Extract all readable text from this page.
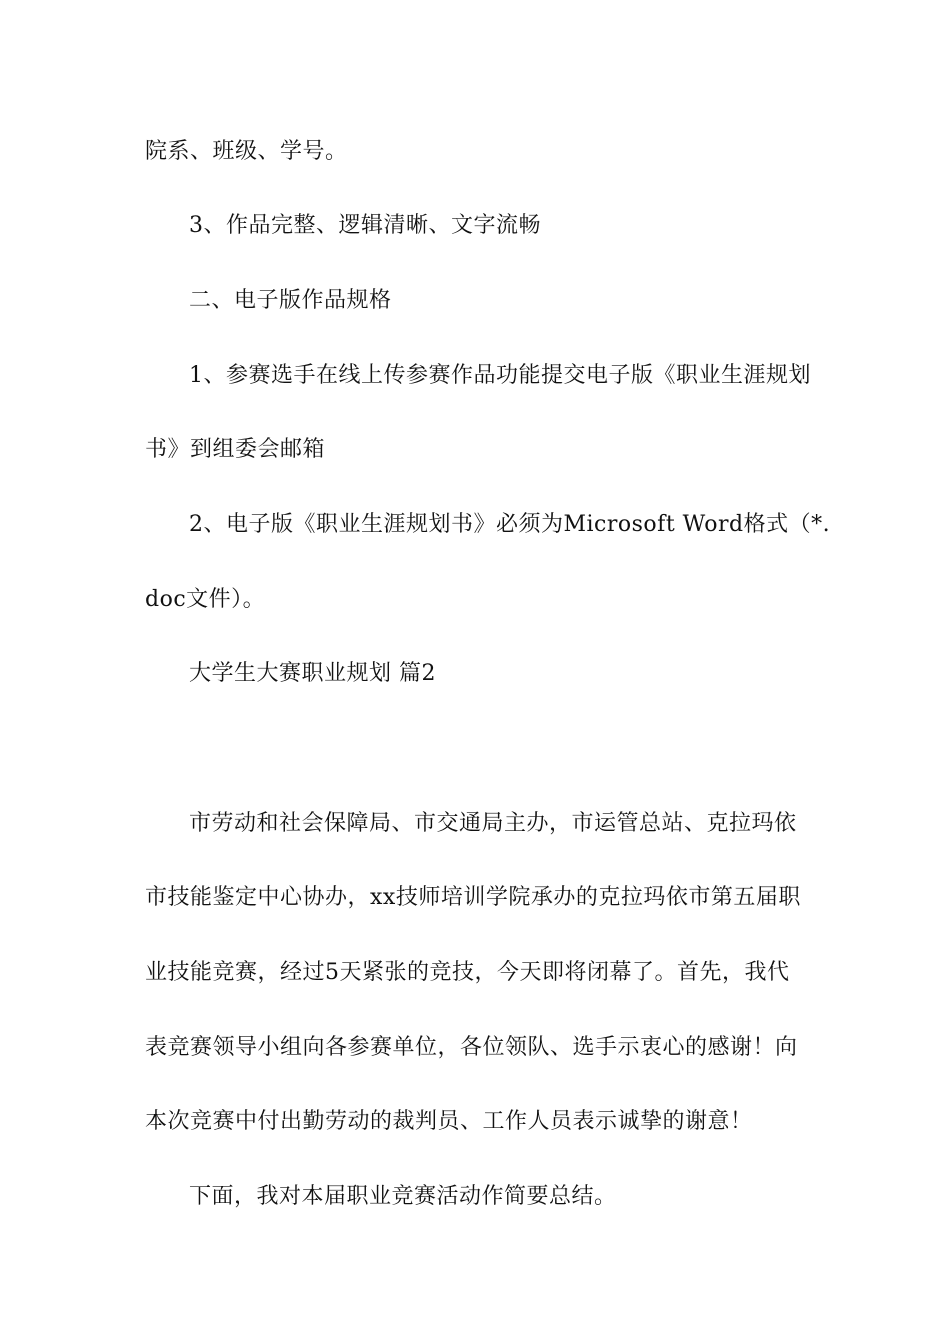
院系、班级、学号。
3、作品完整、逻辑清晰、文字流畅
二、电子版作品规格
1、参赛选手在线上传参赛作品功能提交电子版《职业生涯规划
书》到组委会邮箱
2、电子版《职业生涯规划书》必须为Microsoft Word格式（*.
doc文件）。
大学生大赛职业规划 篇2
市劳动和社会保障局、市交通局主办，市运管总站、克拉玛依
市技能鉴定中心协办，xx技师培训学院承办的克拉玛依市第五届职
业技能竞赛，经过5天紧张的竞技，今天即将闭幕了。首先，我代
表竞赛领导小组向各参赛单位，各位领队、选手示衷心的感谢！向
本次竞赛中付出勤劳动的裁判员、工作人员表示诚挚的谢意！
下面，我对本届职业竞赛活动作简要总结。
